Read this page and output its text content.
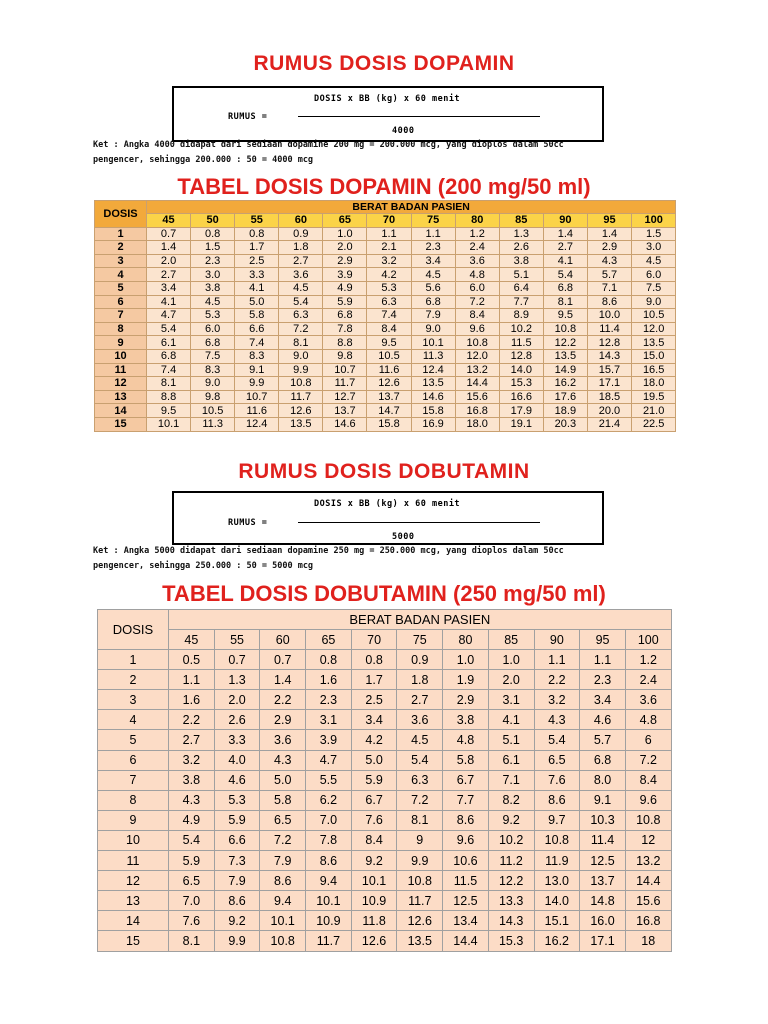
RUMUS DOSIS DOPAMIN
DOSIS x BB (kg) x 60 menit
RUMUS =
4000
Ket : Angka 4000 didapat dari sediaan dopamine 200 mg = 200.000 mcg, yang dioplos dalam 50cc
pengencer, sehingga 200.000 : 50 = 4000 mcg
TABEL DOSIS DOPAMIN (200 mg/50 ml)
DOSIS	BERAT BADAN PASIEN											
	45	50	55	60	65	70	75	80	85	90	95	100
1	0.7	0.8	0.8	0.9	1.0	1.1	1.1	1.2	1.3	1.4	1.4	1.5
2	1.4	1.5	1.7	1.8	2.0	2.1	2.3	2.4	2.6	2.7	2.9	3.0
3	2.0	2.3	2.5	2.7	2.9	3.2	3.4	3.6	3.8	4.1	4.3	4.5
4	2.7	3.0	3.3	3.6	3.9	4.2	4.5	4.8	5.1	5.4	5.7	6.0
5	3.4	3.8	4.1	4.5	4.9	5.3	5.6	6.0	6.4	6.8	7.1	7.5
6	4.1	4.5	5.0	5.4	5.9	6.3	6.8	7.2	7.7	8.1	8.6	9.0
7	4.7	5.3	5.8	6.3	6.8	7.4	7.9	8.4	8.9	9.5	10.0	10.5
8	5.4	6.0	6.6	7.2	7.8	8.4	9.0	9.6	10.2	10.8	11.4	12.0
9	6.1	6.8	7.4	8.1	8.8	9.5	10.1	10.8	11.5	12.2	12.8	13.5
10	6.8	7.5	8.3	9.0	9.8	10.5	11.3	12.0	12.8	13.5	14.3	15.0
11	7.4	8.3	9.1	9.9	10.7	11.6	12.4	13.2	14.0	14.9	15.7	16.5
12	8.1	9.0	9.9	10.8	11.7	12.6	13.5	14.4	15.3	16.2	17.1	18.0
13	8.8	9.8	10.7	11.7	12.7	13.7	14.6	15.6	16.6	17.6	18.5	19.5
14	9.5	10.5	11.6	12.6	13.7	14.7	15.8	16.8	17.9	18.9	20.0	21.0
15	10.1	11.3	12.4	13.5	14.6	15.8	16.9	18.0	19.1	20.3	21.4	22.5
RUMUS DOSIS DOBUTAMIN
DOSIS x BB (kg) x 60 menit
RUMUS =
5000
Ket : Angka 5000 didapat dari sediaan dopamine 250 mg = 250.000 mcg, yang dioplos dalam 50cc
pengencer, sehingga 250.000 : 50 = 5000 mcg
TABEL DOSIS DOBUTAMIN (250 mg/50 ml)
DOSIS	BERAT BADAN PASIEN										
	45	55	60	65	70	75	80	85	90	95	100
1	0.5	0.7	0.7	0.8	0.8	0.9	1.0	1.0	1.1	1.1	1.2
2	1.1	1.3	1.4	1.6	1.7	1.8	1.9	2.0	2.2	2.3	2.4
3	1.6	2.0	2.2	2.3	2.5	2.7	2.9	3.1	3.2	3.4	3.6
4	2.2	2.6	2.9	3.1	3.4	3.6	3.8	4.1	4.3	4.6	4.8
5	2.7	3.3	3.6	3.9	4.2	4.5	4.8	5.1	5.4	5.7	6
6	3.2	4.0	4.3	4.7	5.0	5.4	5.8	6.1	6.5	6.8	7.2
7	3.8	4.6	5.0	5.5	5.9	6.3	6.7	7.1	7.6	8.0	8.4
8	4.3	5.3	5.8	6.2	6.7	7.2	7.7	8.2	8.6	9.1	9.6
9	4.9	5.9	6.5	7.0	7.6	8.1	8.6	9.2	9.7	10.3	10.8
10	5.4	6.6	7.2	7.8	8.4	9	9.6	10.2	10.8	11.4	12
11	5.9	7.3	7.9	8.6	9.2	9.9	10.6	11.2	11.9	12.5	13.2
12	6.5	7.9	8.6	9.4	10.1	10.8	11.5	12.2	13.0	13.7	14.4
13	7.0	8.6	9.4	10.1	10.9	11.7	12.5	13.3	14.0	14.8	15.6
14	7.6	9.2	10.1	10.9	11.8	12.6	13.4	14.3	15.1	16.0	16.8
15	8.1	9.9	10.8	11.7	12.6	13.5	14.4	15.3	16.2	17.1	18
